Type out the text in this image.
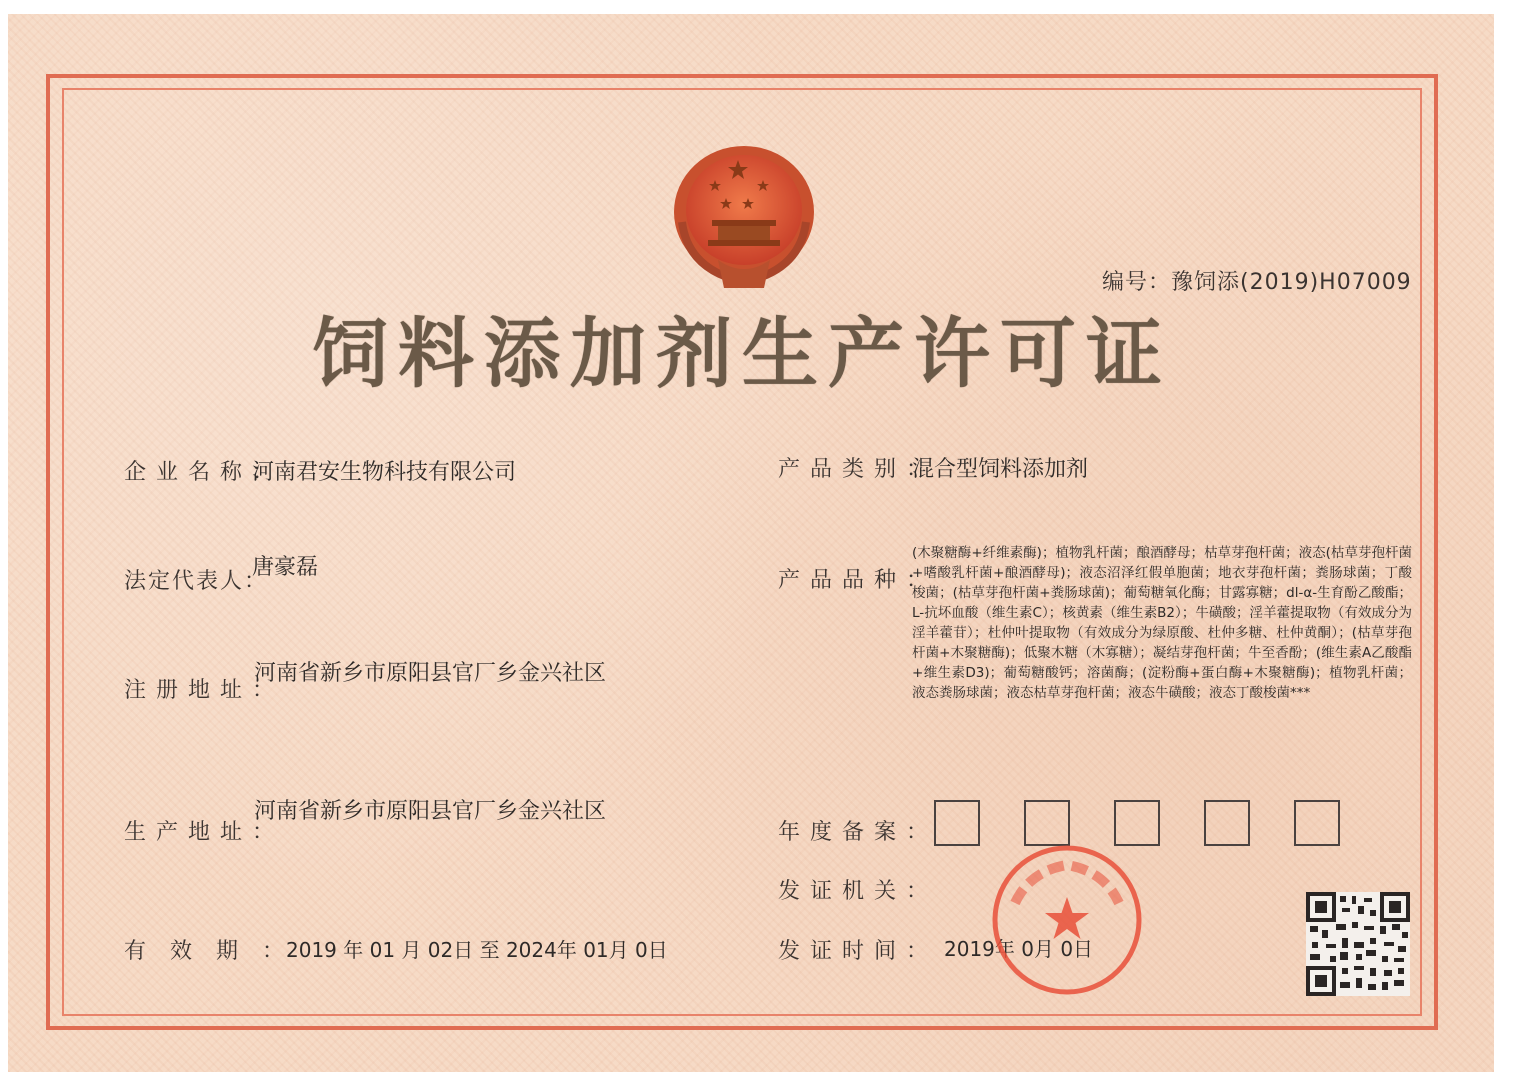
编号：豫饲添(2019)H07009
饲料添加剂生产许可证
企业名称：
河南君安生物科技有限公司
法定代表人：
唐豪磊
注册地址：
河南省新乡市原阳县官厂乡金兴社区
生产地址：
河南省新乡市原阳县官厂乡金兴社区
有效期：
2019 年 01 月 02日 至 2024年 01月 0日
产品类别：
混合型饲料添加剂
产品品种：
(木聚糖酶+纤维素酶)；植物乳杆菌；酿酒酵母；枯草芽孢杆菌；液态(枯草芽孢杆菌+嗜酸乳杆菌+酿酒酵母)；液态沼泽红假单胞菌；地衣芽孢杆菌；粪肠球菌；丁酸梭菌；(枯草芽孢杆菌+粪肠球菌)；葡萄糖氧化酶；甘露寡糖；dl-α-生育酚乙酸酯；L-抗坏血酸（维生素C）；核黄素（维生素B2）；牛磺酸；淫羊藿提取物（有效成分为淫羊藿苷）；杜仲叶提取物（有效成分为绿原酸、杜仲多糖、杜仲黄酮）；(枯草芽孢杆菌+木聚糖酶)；低聚木糖（木寡糖）；凝结芽孢杆菌；牛至香酚；(维生素A乙酸酯+维生素D3)；葡萄糖酸钙；溶菌酶；(淀粉酶+蛋白酶+木聚糖酶)；植物乳杆菌；液态粪肠球菌；液态枯草芽孢杆菌；液态牛磺酸；液态丁酸梭菌***
年度备案：
发证机关：
发证时间： 2019年 0月 0日
